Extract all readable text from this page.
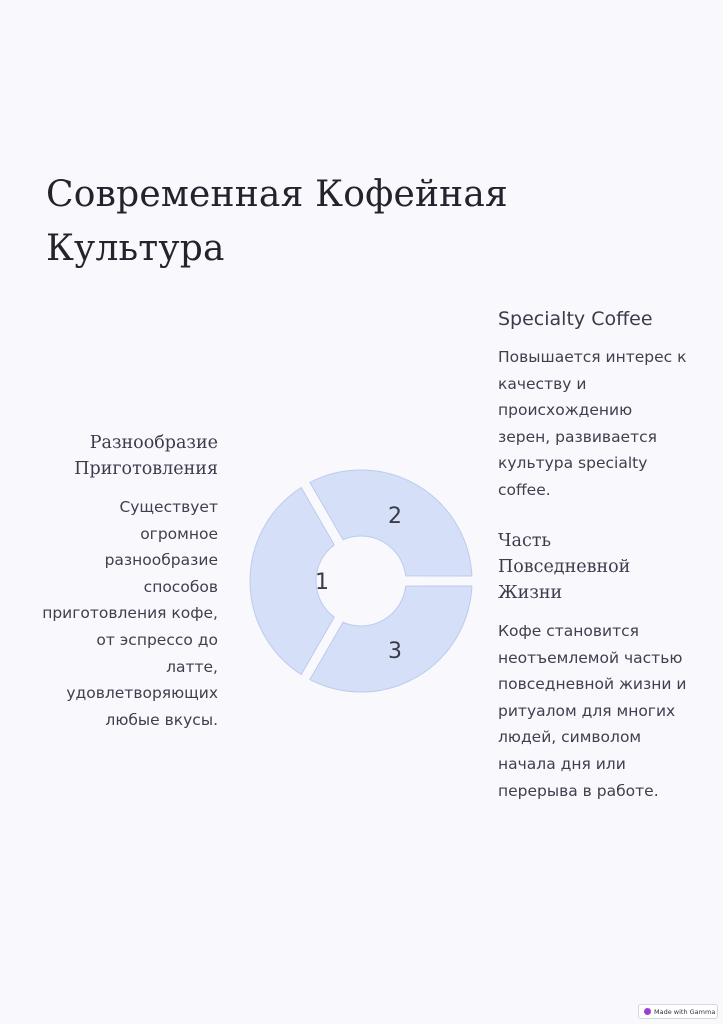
Современная Кофейная Культура
Разнообразие Приготовления

Существует огромное разнообразие способов приготовления кофе, от эспрессо до латте, удовлетворяющих любые вкусы.

1
2
3
Specialty Coffee

Повышается интерес к качеству и происхождению зерен, развивается культура specialty coffee.

Часть Повседневной Жизни

Кофе становится неотъемлемой частью повседневной жизни и ритуалом для многих людей, символом начала дня или перерыва в работе.

Made with Gamma
